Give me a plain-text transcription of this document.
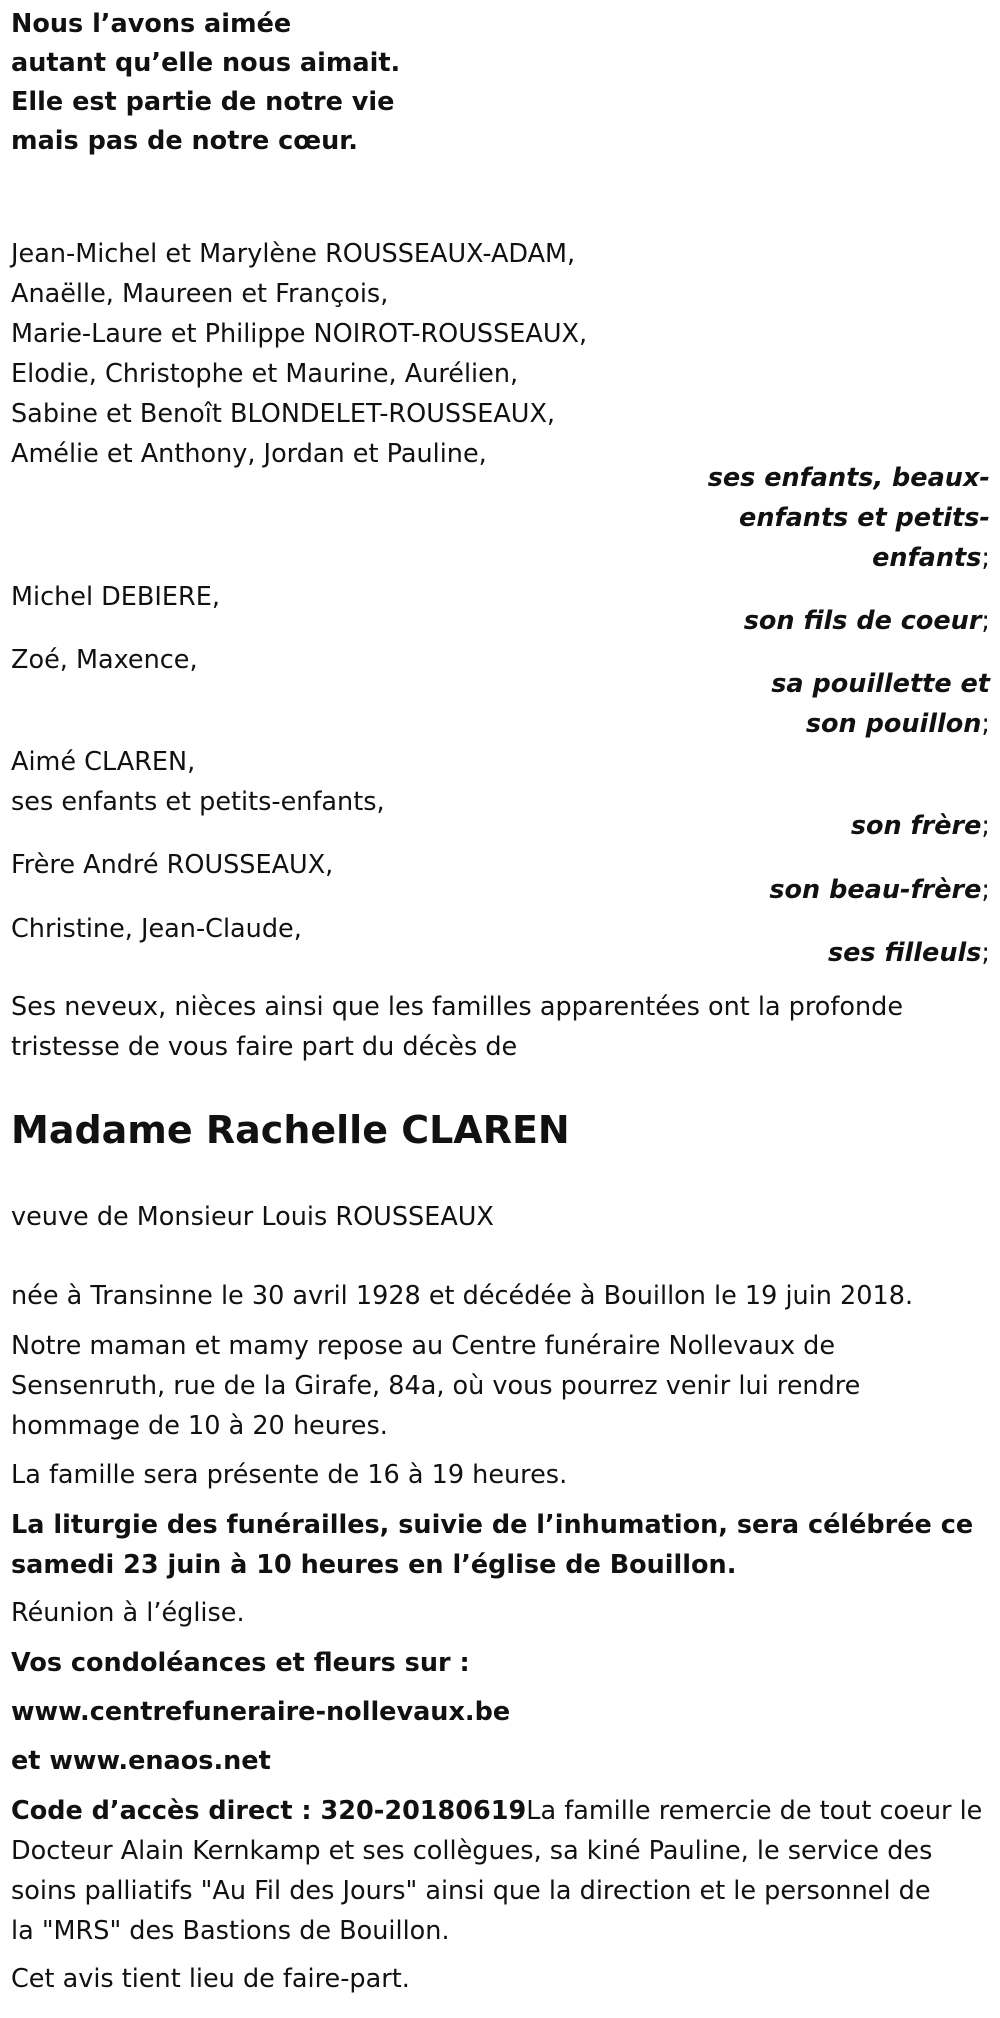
Nous l’avons aimée

autant qu’elle nous aimait.

Elle est partie de notre vie

mais pas de notre cœur.

Jean-Michel et Marylène ROUSSEAUX-ADAM,

Anaëlle, Maureen et François,

Marie-Laure et Philippe NOIROT-ROUSSEAUX,

Elodie, Christophe et Maurine, Aurélien,

Sabine et Benoît BLONDELET-ROUSSEAUX,

Amélie et Anthony, Jordan et Pauline,

ses enfants, beaux-

enfants et petits-

enfants;

Michel DEBIERE,
son fils de coeur;
Zoé, Maxence,

sa pouillette et

son pouillon;

Aimé CLAREN,

ses enfants et petits-enfants,

son frère;
Frère André ROUSSEAUX,
son beau-frère;
Christine, Jean-Claude,
ses filleuls;

Ses neveux, nièces ainsi que les familles apparentées ont la profonde

tristesse de vous faire part du décès de

Madame Rachelle CLAREN
veuve de Monsieur Louis ROUSSEAUX
née à Transinne le 30 avril 1928 et décédée à Bouillon le 19 juin 2018.

Notre maman et mamy repose au Centre funéraire Nollevaux de

Sensenruth, rue de la Girafe, 84a, où vous pourrez venir lui rendre

hommage de 10 à 20 heures.

La famille sera présente de 16 à 19 heures.

La liturgie des funérailles, suivie de l’inhumation, sera célébrée ce

samedi 23 juin à 10 heures en l’église de Bouillon.

Réunion à l’église.
Vos condoléances et fleurs sur :
www.centrefuneraire-nollevaux.be
et www.enaos.net

Code d’accès direct : 320-20180619La famille remercie de tout coeur le

Docteur Alain Kernkamp et ses collègues, sa kiné Pauline, le service des

soins palliatifs "Au Fil des Jours" ainsi que la direction et le personnel de

la "MRS" des Bastions de Bouillon.

Cet avis tient lieu de faire-part.
